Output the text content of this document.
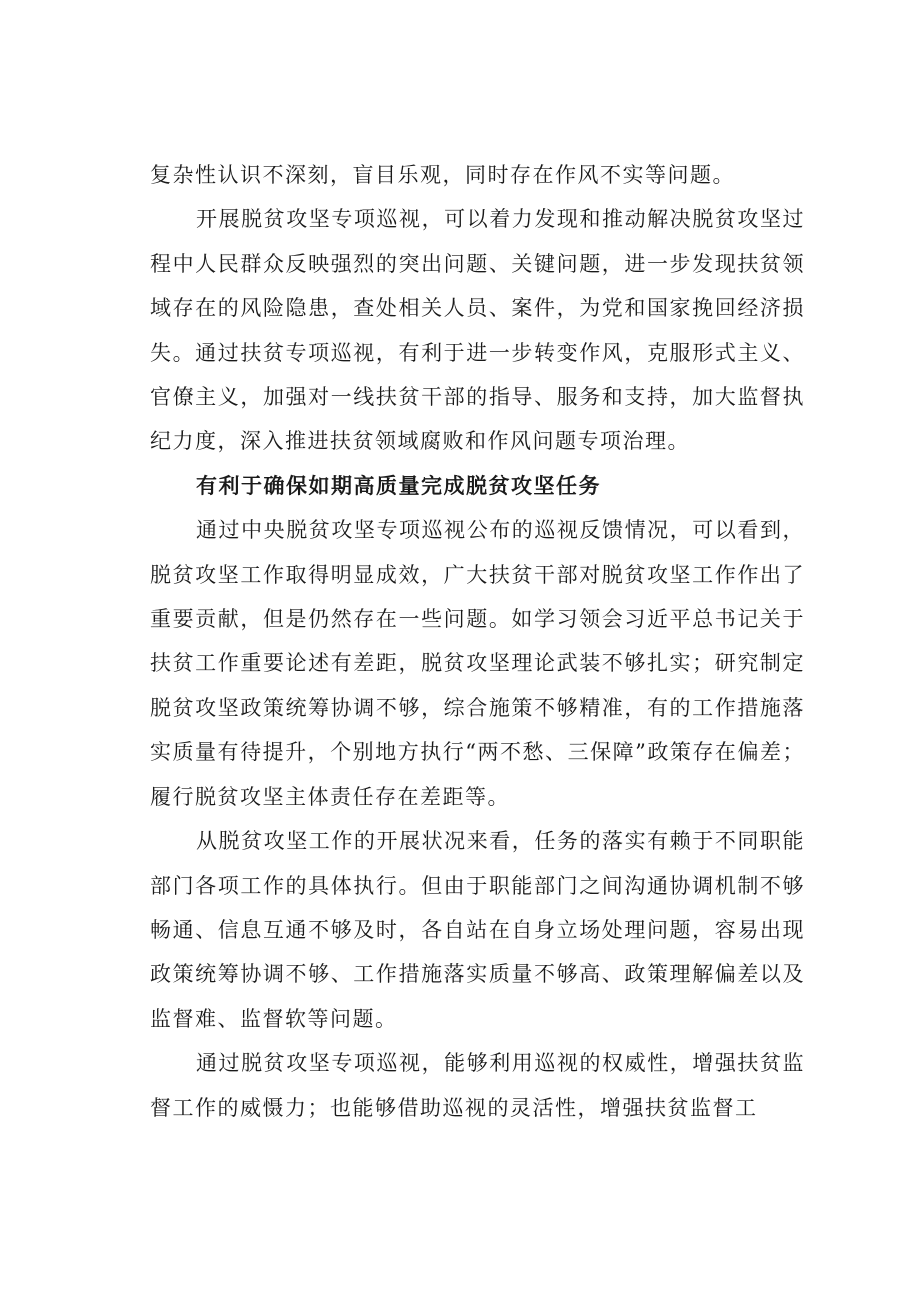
复杂性认识不深刻，盲目乐观，同时存在作风不实等问题。

开展脱贫攻坚专项巡视，可以着力发现和推动解决脱贫攻坚过程中人民群众反映强烈的突出问题、关键问题，进一步发现扶贫领域存在的风险隐患，查处相关人员、案件，为党和国家挽回经济损失。通过扶贫专项巡视，有利于进一步转变作风，克服形式主义、官僚主义，加强对一线扶贫干部的指导、服务和支持，加大监督执纪力度，深入推进扶贫领域腐败和作风问题专项治理。

有利于确保如期高质量完成脱贫攻坚任务

通过中央脱贫攻坚专项巡视公布的巡视反馈情况，可以看到，脱贫攻坚工作取得明显成效，广大扶贫干部对脱贫攻坚工作作出了重要贡献，但是仍然存在一些问题。如学习领会习近平总书记关于扶贫工作重要论述有差距，脱贫攻坚理论武装不够扎实；研究制定脱贫攻坚政策统筹协调不够，综合施策不够精准，有的工作措施落实质量有待提升，个别地方执行“两不愁、三保障”政策存在偏差；履行脱贫攻坚主体责任存在差距等。

从脱贫攻坚工作的开展状况来看，任务的落实有赖于不同职能部门各项工作的具体执行。但由于职能部门之间沟通协调机制不够畅通、信息互通不够及时，各自站在自身立场处理问题，容易出现政策统筹协调不够、工作措施落实质量不够高、政策理解偏差以及监督难、监督软等问题。

通过脱贫攻坚专项巡视，能够利用巡视的权威性，增强扶贫监督工作的威慑力；也能够借助巡视的灵活性，增强扶贫监督工
